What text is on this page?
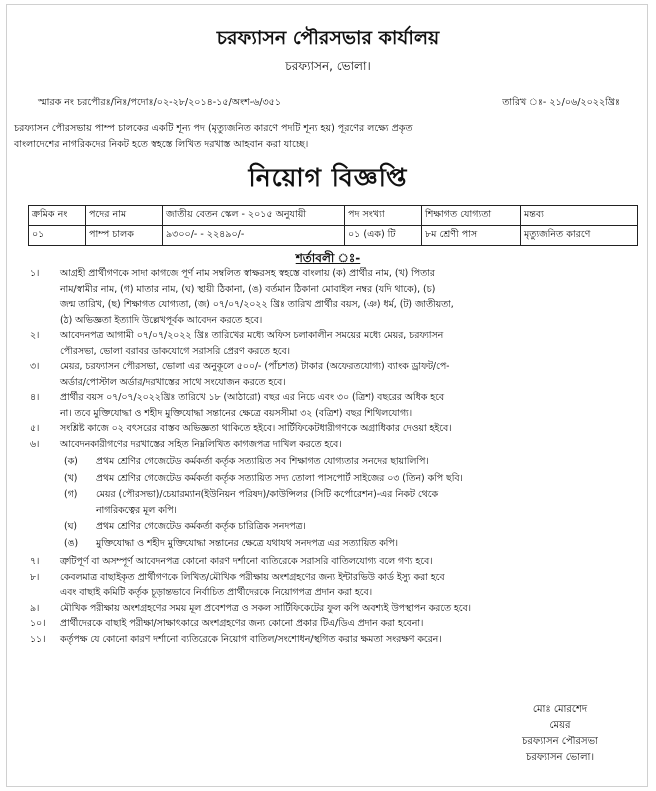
চরফ্যাসন পৌরসভার কার্যালয়
চরফ্যাসন, ভোলা।
স্মারক নং চরপৌরঃ/নিঃ/পদোঃ/০২-২৮/২০১৪-১৫/অংশ-৬/৩৫১	তারিখ ঃ- ২১/০৬/২০২২খ্রিঃ
চরফ্যাসন পৌরসভায় পাম্প চালকের একটি শূন্য পদ (মৃত্যুজনিত কারণে পদটি শূন্য হয়) পূরণের লক্ষ্যে প্রকৃত
বাংলাদেশের নাগরিকদের নিকট হতে স্বহস্তে লিখিত দরখাস্ত আহবান করা যাচ্ছে।
নিয়োগ বিজ্ঞপ্তি
ক্রমিক নং	পদের নাম	জাতীয় বেতন স্কেল - ২০১৫ অনুযায়ী	পদ সংখ্যা	শিক্ষাগত যোগ্যতা	মন্তব্য
০১	পাম্প চালক	৯৩০০/- - ২২৪৯০/-	০১ (এক) টি	৮ম শ্রেণী পাস	মৃত্যুজনিত কারণে
শর্তাবলী ঃ-
১।	আগ্রহী প্রার্থীগণকে সাদা কাগজে পূর্ণ নাম সম্বলিত স্বাক্ষরসহ স্বহস্তে বাংলায় (ক) প্রার্থীর নাম, (খ) পিতার
নাম/স্বামীর নাম, (গ) মাতার নাম, (ঘ) স্থায়ী ঠিকানা, (ঙ) বর্তমান ঠিকানা মোবাইল নম্বর (যদি থাকে), (চ)
জন্ম তারিখ, (ছ) শিক্ষাগত যোগ্যতা, (জ) ০৭/০৭/২০২২ খ্রিঃ তারিখ প্রার্থীর বয়স, (ঞ) ধর্ম, (ট) জাতীয়তা,
(ঠ) অভিজ্ঞতা ইত্যাদি উল্লেখপূর্বক আবেদন করতে হবে।
২।	আবেদনপত্র আগামী ০৭/০৭/২০২২ খ্রিঃ তারিখের মধ্যে অফিস চলাকালীন সময়ের মধ্যে মেয়র, চরফ্যাসন
পৌরসভা, ভোলা বরাবর ডাকযোগে সরাসরি প্রেরণ করতে হবে।
৩।	মেয়র, চরফ্যাসন পৌরসভা, ভোলা এর অনুকূলে ৫০০/- (পাঁচশত) টাকার (অফেরতযোগ্য) ব্যাংক ড্রাফট/পে-
অর্ডার/পোস্টাল অর্ডার/দরখাস্তের সাথে সংযোজন করতে হবে।
৪।	প্রার্থীর বয়স ০৭/০৭/২০২২খ্রিঃ তারিখে ১৮ (আঠারো) বছর এর নিচে এবং ৩০ (ত্রিশ) বছরের অধিক হবে
না। তবে মুক্তিযোদ্ধা ও শহীদ মুক্তিযোদ্ধা সন্তানের ক্ষেত্রে বয়সসীমা ৩২ (বত্রিশ) বছর শিথিলযোগ্য।
৫।	সংশ্লিষ্ট কাজে ০২ বৎসরের বাস্তব অভিজ্ঞতা থাকিতে হইবে। সার্টিফিকেটধারীগণকে অগ্রাধিকার দেওয়া হইবে।
৬।	আবেদনকারীগণের দরখাস্তের সহিত নিম্নলিখিত কাগজপত্র দাখিল করতে হবে।
(ক) প্রথম শ্রেণির গেজেটেড কর্মকর্তা কর্তৃক সত্যায়িত সব শিক্ষাগত যোগ্যতার সনদের ছায়ালিপি।
(খ) প্রথম শ্রেণির গেজেটেড কর্মকর্তা কর্তৃক সত্যায়িত সদ্য তোলা পাসপোর্ট সাইজের ০৩ (তিন) কপি ছবি।
(গ) মেয়র (পৌরসভা)/চেয়ারম্যান(ইউনিয়ন পরিষদ)/কাউন্সিলর (সিটি কর্পোরেশন)-এর নিকট থেকে
নাগরিকত্বের মূল কপি।
(ঘ) প্রথম শ্রেণির গেজেটেড কর্মকর্তা কর্তৃক চারিত্রিক সনদপত্র।
(ঙ) মুক্তিযোদ্ধা ও শহীদ মুক্তিযোদ্ধা সন্তানের ক্ষেত্রে যথাযথ সনদপত্র এর সত্যায়িত কপি।
৭।	ত্রুটিপূর্ণ বা অসম্পূর্ণ আবেদনপত্র কোনো কারণ দর্শানো ব্যতিরেকে সরাসরি বাতিলযোগ্য বলে গণ্য হবে।
৮।	কেবলমাত্র বাছাইকৃত প্রার্থীগণকে লিখিত/মৌখিক পরীক্ষায় অংশগ্রহণের জন্য ইন্টারভিউ কার্ড ইস্যু করা হবে
এবং বাছাই কমিটি কর্তৃক চূড়ান্তভাবে নির্বাচিত প্রার্থীদেরকে নিয়োগপত্র প্রদান করা হবে।
৯।	মৌখিক পরীক্ষায় অংশগ্রহণের সময় মূল প্রবেশপত্র ও সকল সার্টিফিকেটের ফুল কপি অবশ্যই উপস্থাপন করতে হবে।
১০।	প্রার্থীদেরকে বাছাই পরীক্ষা/সাক্ষাৎকারে অংশগ্রহণের জন্য কোনো প্রকার টিএ/ডিএ প্রদান করা হবেনা।
১১।	কর্তৃপক্ষ যে কোনো কারণ দর্শানো ব্যতিরেকে নিয়োগ বাতিল/সংশোধন/স্থগিত করার ক্ষমতা সংরক্ষণ করেন।
মোঃ মোরশেদ
মেয়র
চরফ্যাসন পৌরসভা
চরফ্যাসন ভোলা।
